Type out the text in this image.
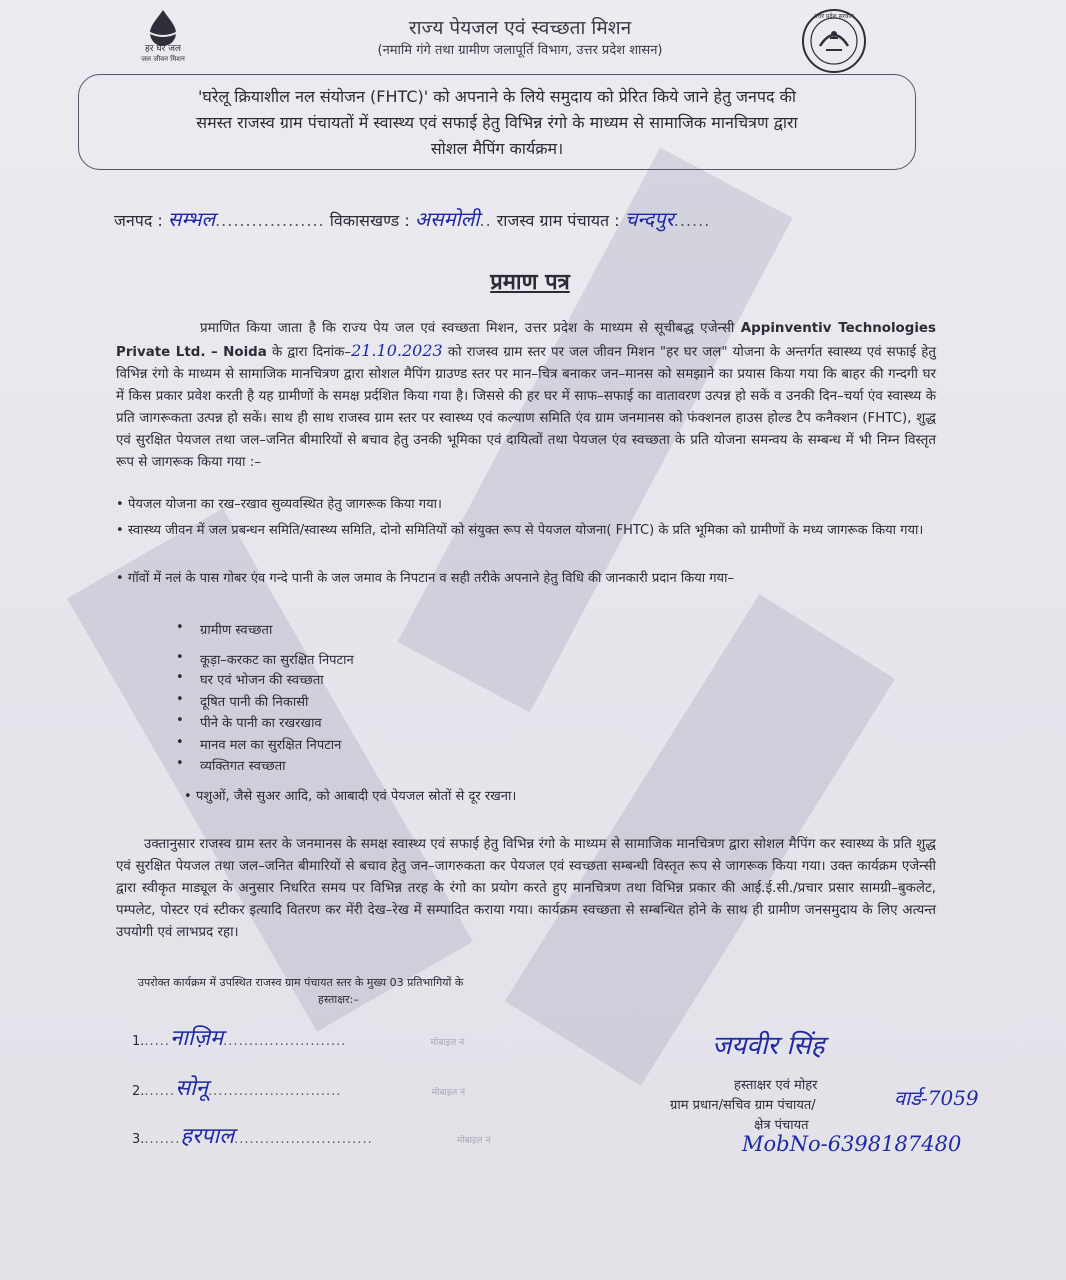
हर घर जल
जल जीवन मिशन
राज्य पेयजल एवं स्वच्छता मिशन
(नमामि गंगे तथा ग्रामीण जलापूर्ति विभाग, उत्तर प्रदेश शासन)
उत्तर प्रदेश सरकार
'घरेलू क्रियाशील नल संयोजन (FHTC)' को अपनाने के लिये समुदाय को प्रेरित किये जाने हेतु जनपद की
समस्त राजस्व ग्राम पंचायतों में स्वास्थ्य एवं सफाई हेतु विभिन्न रंगो के माध्यम से सामाजिक मानचित्रण द्वारा
सोशल मैपिंग कार्यक्रम।
जनपद : सम्भल.................. विकासखण्ड : असमोली.. राजस्व ग्राम पंचायत : चन्दपुर......
प्रमाण पत्र
प्रमाणित किया जाता है कि राज्य पेय जल एवं स्वच्छता मिशन, उत्तर प्रदेश के माध्यम से सूचीबद्ध एजेन्सी Appinventiv Technologies Private Ltd. – Noida के द्वारा दिनांक–21.10.2023 को राजस्व ग्राम स्तर पर जल जीवन मिशन "हर घर जल" योजना के अन्तर्गत स्वास्थ्य एवं सफाई हेतु विभिन्न रंगो के माध्यम से सामाजिक मानचित्रण द्वारा सोशल मैपिंग ग्राउण्ड स्तर पर मान–चित्र बनाकर जन–मानस को समझाने का प्रयास किया गया कि बाहर की गन्दगी घर में किस प्रकार प्रवेश करती है यह ग्रामीणों के समक्ष प्रर्दशित किया गया है। जिससे की हर घर में साफ–सफाई का वातावरण उत्पन्न हो सकें व उनकी दिन–चर्या एंव स्वास्थ्य के प्रति जागरूकता उत्पन्न हो सकें। साथ ही साथ राजस्व ग्राम स्तर पर स्वास्थ्य एवं कल्याण समिति एंव ग्राम जनमानस को फंक्शनल हाउस होल्ड टैप कनैक्शन (FHTC), शुद्ध एवं सुरक्षित पेयजल तथा जल–जनित बीमारियों से बचाव हेतु उनकी भूमिका एवं दायित्वों तथा पेयजल एंव स्वच्छता के प्रति योजना समन्वय के सम्बन्ध में भी निम्न विस्तृत रूप से जागरूक किया गया :–
• पेयजल योजना का रख–रखाव सुव्यवस्थित हेतु जागरूक किया गया।
• स्वास्थ्य जीवन में जल प्रबन्धन समिति/स्वास्थ्य समिति, दोनो समितियों को संयुक्त रूप से पेयजल योजना( FHTC) के प्रति भूमिका को ग्रामीणों के मध्य जागरूक किया गया।
• गॉवों में नलं के पास गोबर एंव गन्दे पानी के जल जमाव के निपटान व सही तरीके अपनाने हेतु विधि की जानकारी प्रदान किया गया–
• ग्रामीण स्वच्छता
• कूड़ा–करकट का सुरक्षित निपटान
• घर एवं भोजन की स्वच्छता
• दूषित पानी की निकासी
• पीने के पानी का रखरखाव
• मानव मल का सुरक्षित निपटान
• व्यक्तिगत स्वच्छता
• पशुओं, जैसे सुअर आदि, को आबादी एवं पेयजल स्रोतों से दूर रखना।
उक्तानुसार राजस्व ग्राम स्तर के जनमानस के समक्ष स्वास्थ्य एवं सफाई हेतु विभिन्न रंगो के माध्यम से सामाजिक मानचित्रण द्वारा सोशल मैपिंग कर स्वास्थ्य के प्रति शुद्ध एवं सुरक्षित पेयजल तथा जल–जनित बीमारियों से बचाव हेतु जन–जागरुकता कर पेयजल एवं स्वच्छता सम्बन्धी विस्तृत रूप से जागरूक किया गया। उक्त कार्यक्रम एजेन्सी द्वारा स्वीकृत माड्यूल के अनुसार निधरित समय पर विभिन्न तरह के रंगो का प्रयोग करते हुए मानचित्रण तथा विभिन्न प्रकार की आई.ई.सी./प्रचार प्रसार सामग्री–बुकलेट, पम्पलेट, पोस्टर एवं स्टीकर इत्यादि वितरण कर मेंरी देख–रेख में सम्पादित कराया गया। कार्यक्रम स्वच्छता से सम्बन्धित होने के साथ ही ग्रामीण जनसमुदाय के लिए अत्यन्त उपयोगी एवं लाभप्रद रहा।
उपरोक्त कार्यक्रम में उपस्थित राजस्व ग्राम पंचायत स्तर के मुख्य 03 प्रतिभागियों के
हस्ताक्षर:–
1......नाज़िम........................	मोबाइल नं
2.......सोनू..........................	मोबाइल नं
3........हरपाल...........................	मोबाइल नं
जयवीर सिंह
हस्ताक्षर एवं मोहर
ग्राम प्रधान/सचिव ग्राम पंचायत/
क्षेत्र पंचायत
वार्ड-7059
MobNo-6398187480
